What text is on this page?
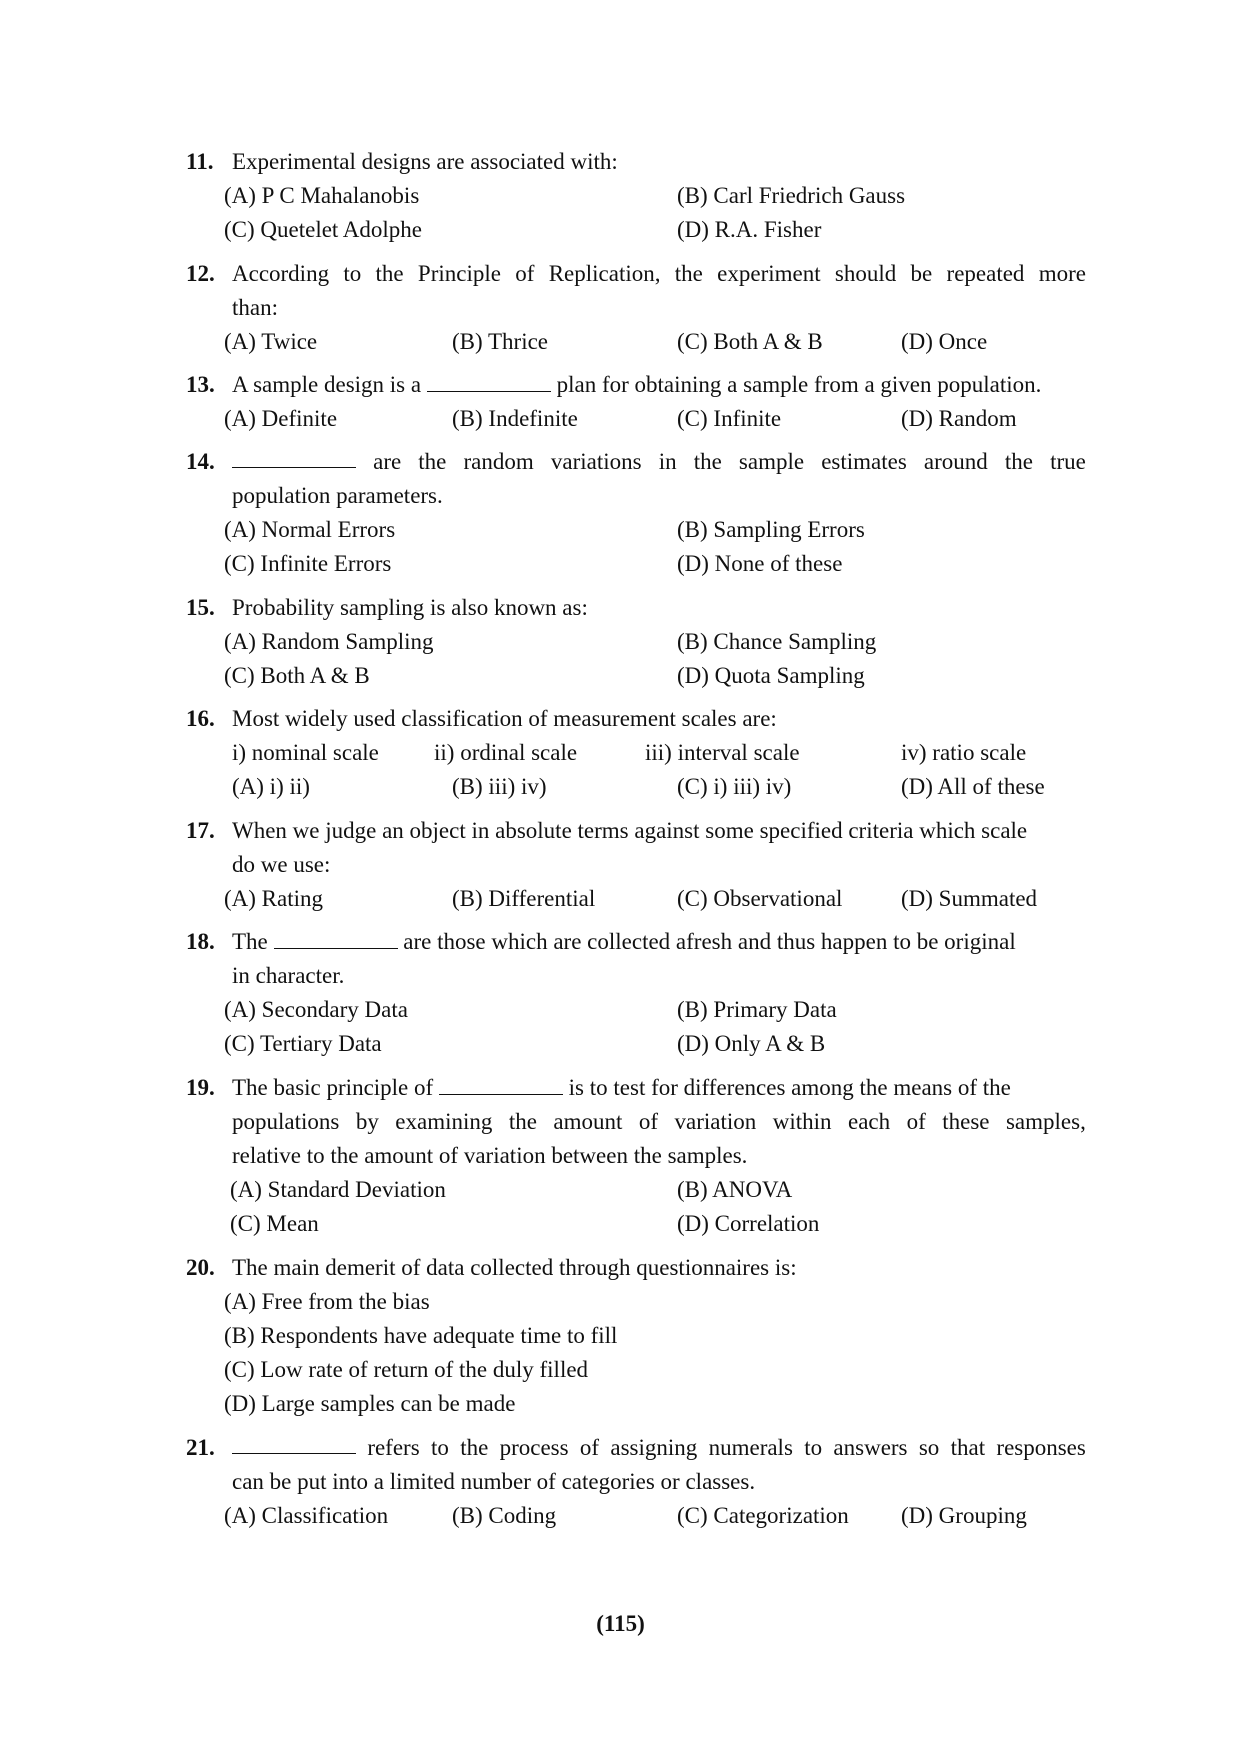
11. Experimental designs are associated with:
(A) P C Mahalanobis	(B) Carl Friedrich Gauss
(C) Quetelet Adolphe	(D) R.A. Fisher
12. According to the Principle of Replication, the experiment should be repeated more
than:
(A) Twice	(B) Thrice	(C) Both A & B	(D) Once
13. A sample design is a	plan for obtaining a sample from a given population.
(A) Definite	(B) Indefinite	(C) Infinite	(D) Random
14.	are the random variations in the sample estimates around the true
population parameters.
(A) Normal Errors	(B) Sampling Errors
(C) Infinite Errors	(D) None of these
15. Probability sampling is also known as:
(A) Random Sampling	(B) Chance Sampling
(C) Both A & B	(D) Quota Sampling
16. Most widely used classification of measurement scales are:
i) nominal scale ii) ordinal scale	iii) interval scale	iv) ratio scale
(A) i) ii)	(B) iii) iv)	(C) i) iii) iv)	(D) All of these
17. When we judge an object in absolute terms against some specified criteria which scale
do we use:
(A) Rating	(B) Differential	(C) Observational	(D) Summated
18. The	are those which are collected afresh and thus happen to be original
in character.
(A) Secondary Data	(B) Primary Data
(C) Tertiary Data	(D) Only A & B
19. The basic principle of	is to test for differences among the means of the
populations by examining the amount of variation within each of these samples,
relative to the amount of variation between the samples.
(A) Standard Deviation	(B) ANOVA
(C) Mean	(D) Correlation
20. The main demerit of data collected through questionnaires is:
(A) Free from the bias
(B) Respondents have adequate time to fill
(C) Low rate of return of the duly filled
(D) Large samples can be made
21.	refers to the process of assigning numerals to answers so that responses
can be put into a limited number of categories or classes.
(A) Classification	(B) Coding	(C) Categorization (D) Grouping
(115)
